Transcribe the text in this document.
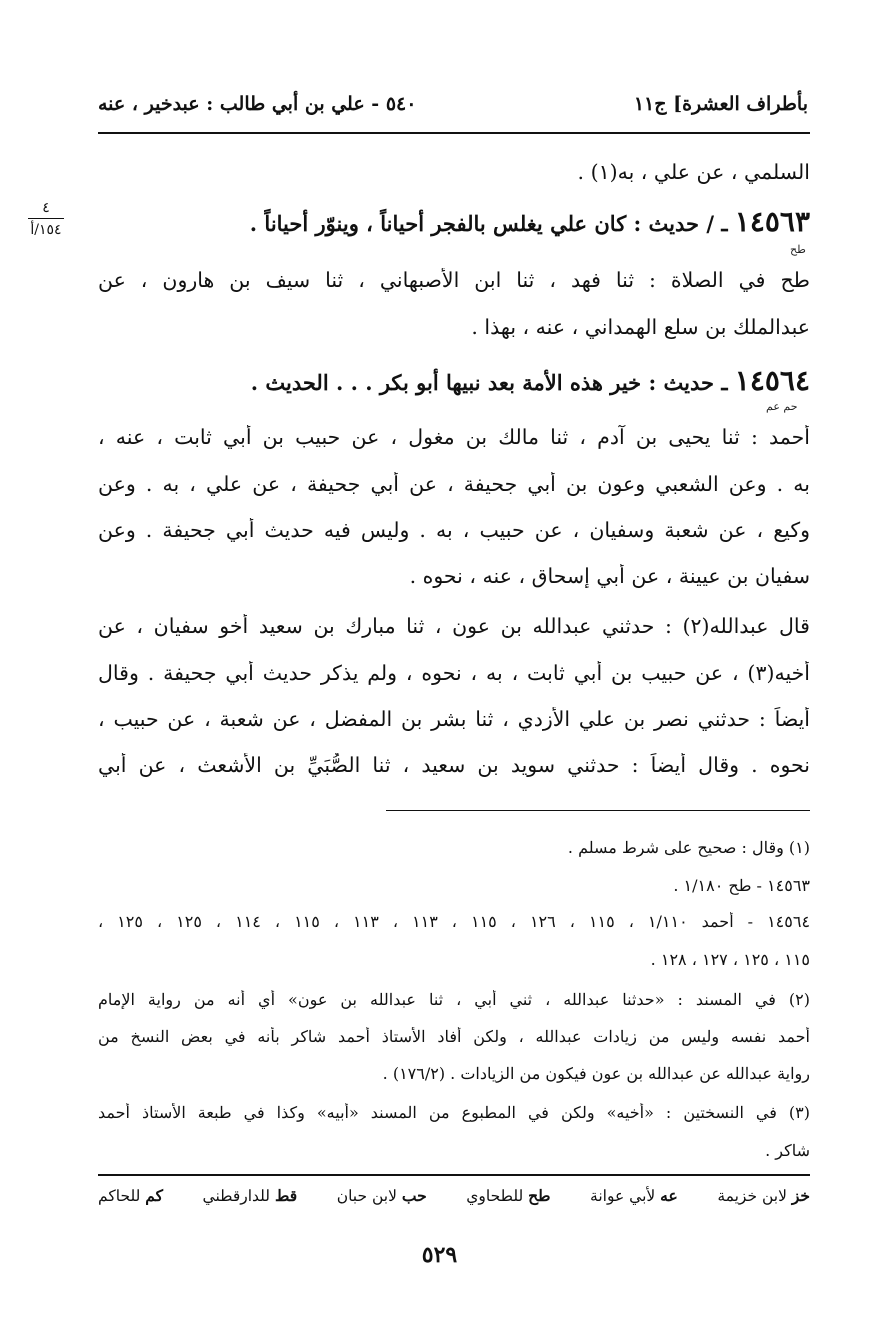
بأطراف العشرة] ج١١
٥٤٠ - علي بن أبي طالب : عبدخير ، عنه
٤
١٥٤/أ
السلمي ، عن علي ، به(١) .
١٤٥٦٣ ـ / حديث : كان علي يغلس بالفجر أحياناً ، وينوّر أحياناً .
طح
طح في الصلاة : ثنا فهد ، ثنا ابن الأصبهاني ، ثنا سيف بن هارون ، عن
عبدالملك بن سلع الهمداني ، عنه ، بهذا .
١٤٥٦٤ ـ حديث : خير هذه الأمة بعد نبيها أبو بكر . . . الحديث .
حم عم
أحمد : ثنا يحيى بن آدم ، ثنا مالك بن مغول ، عن حبيب بن أبي ثابت ، عنه ،
به . وعن الشعبي وعون بن أبي جحيفة ، عن أبي جحيفة ، عن علي ، به . وعن
وكيع ، عن شعبة وسفيان ، عن حبيب ، به . وليس فيه حديث أبي جحيفة . وعن
سفيان بن عيينة ، عن أبي إسحاق ، عنه ، نحوه .
قال عبدالله(٢) : حدثني عبدالله بن عون ، ثنا مبارك بن سعيد أخو سفيان ، عن
أخيه(٣) ، عن حبيب بن أبي ثابت ، به ، نحوه ، ولم يذكر حديث أبي جحيفة . وقال
أيضاً : حدثني نصر بن علي الأزدي ، ثنا بشر بن المفضل ، عن شعبة ، عن حبيب ،
نحوه . وقال أيضاً : حدثني سويد بن سعيد ، ثنا الصُّبَيِّ بن الأشعث ، عن أبي
(١) وقال : صحيح على شرط مسلم .
١٤٥٦٣ - طح ١/١٨٠ .
١٤٥٦٤ - أحمد ١/١١٠ ، ١١٥ ، ١٢٦ ، ١١٥ ، ١١٣ ، ١١٣ ، ١١٥ ، ١١٤ ، ١٢٥ ، ١٢٥ ،
١١٥ ، ١٢٥ ، ١٢٧ ، ١٢٨ .
(٢) في المسند : «حدثنا عبدالله ، ثني أبي ، ثنا عبدالله بن عون» أي أنه من رواية الإمام
أحمد نفسه وليس من زيادات عبدالله ، ولكن أفاد الأستاذ أحمد شاكر بأنه في بعض النسخ من
رواية عبدالله عن عبدالله بن عون فيكون من الزيادات . (١٧٦/٢) .
(٣) في النسختين : «أخيه» ولكن في المطبوع من المسند «أبيه» وكذا في طبعة الأستاذ أحمد
شاكر .
خز لابن خزيمة
عه لأبي عوانة
طح للطحاوي
حب لابن حبان
قط للدارقطني
كم للحاكم
٥٢٩
